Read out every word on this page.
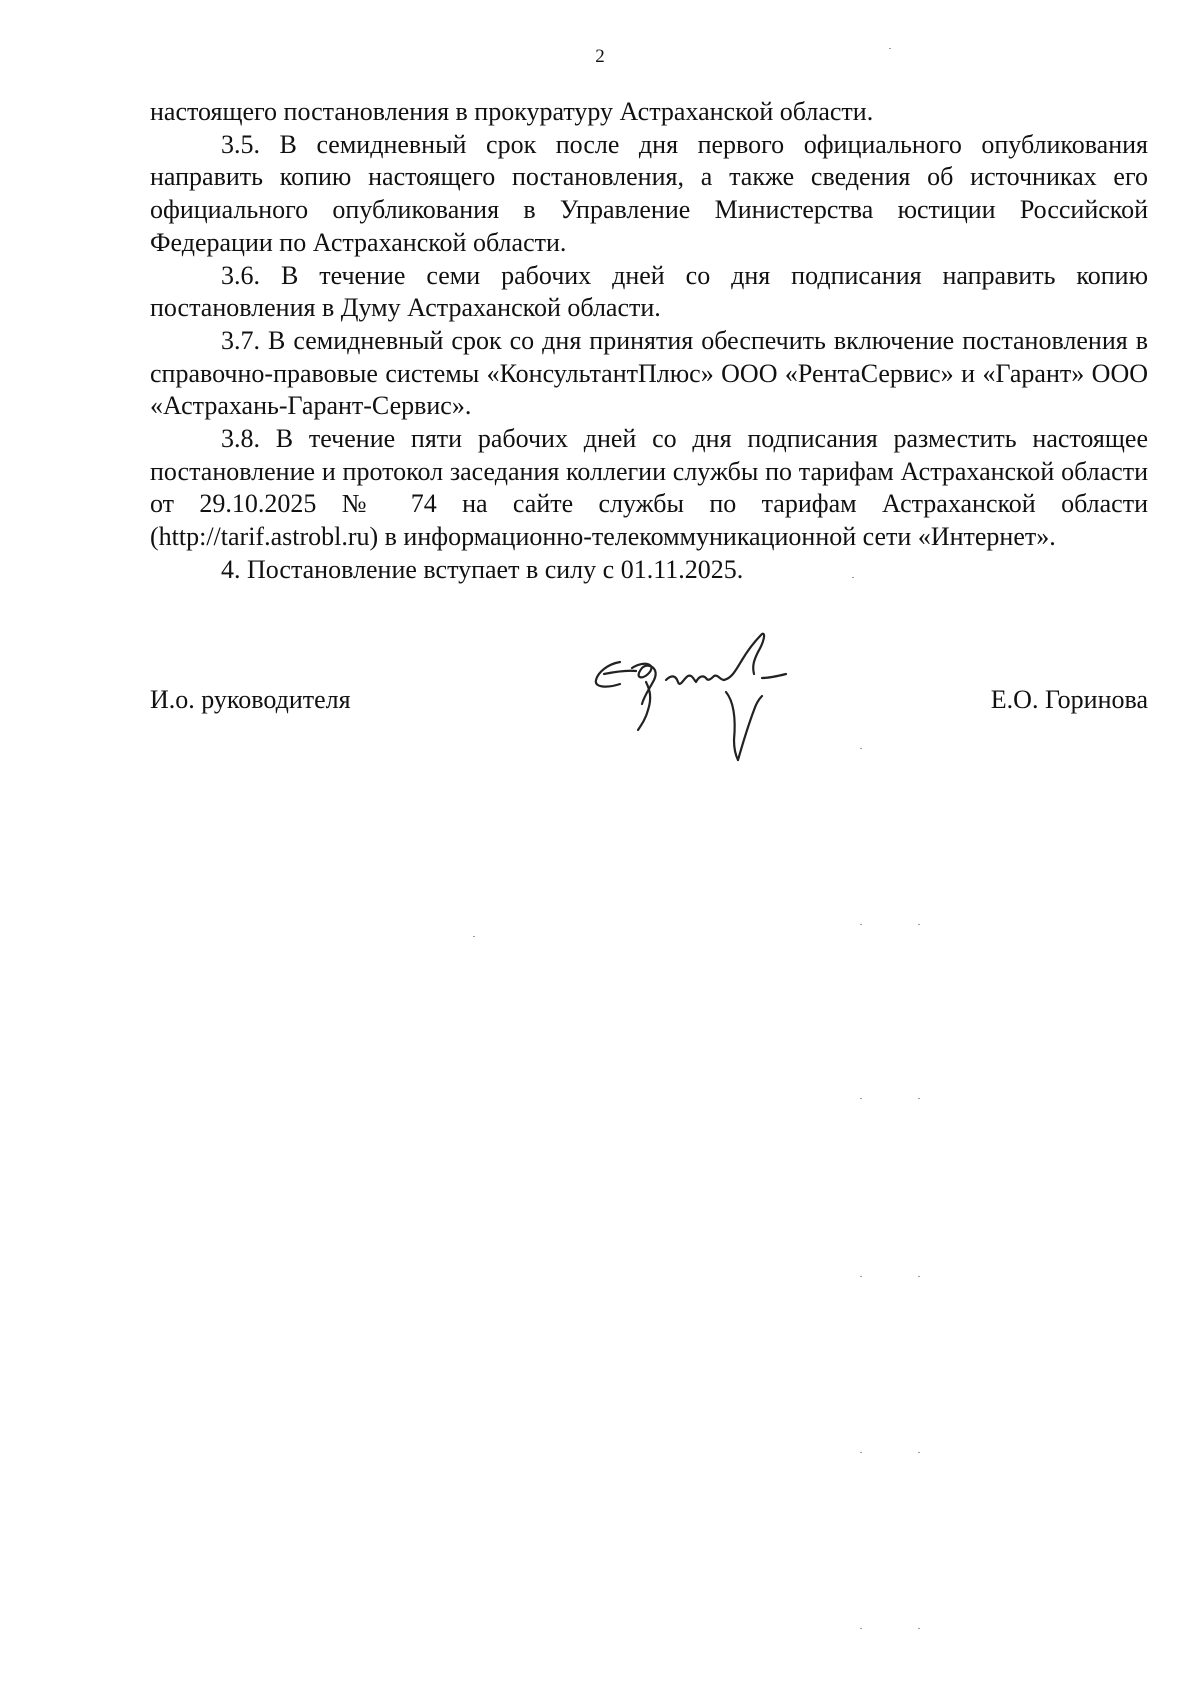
2

настоящего постановления в прокуратуру Астраханской области.

3.5. В семидневный срок после дня первого официального опубликования направить копию настоящего постановления, а также сведения об источниках его официального опубликования в Управление Министерства юстиции Российской Федерации по Астраханской области.

3.6. В течение семи рабочих дней со дня подписания направить копию постановления в Думу Астраханской области.

3.7. В семидневный срок со дня принятия обеспечить включение постановления в справочно-правовые системы «КонсультантПлюс» ООО «РентаСервис» и «Гарант» ООО «Астрахань-Гарант-Сервис».

3.8. В течение пяти рабочих дней со дня подписания разместить настоящее постановление и протокол заседания коллегии службы по тарифам Астраханской области от 29.10.2025 № 74 на сайте службы по тарифам Астраханской области (http://tarif.astrobl.ru) в информационно-телекоммуникационной сети «Интернет».

4. Постановление вступает в силу с 01.11.2025.

И.о. руководителя	Е.О. Горинова
